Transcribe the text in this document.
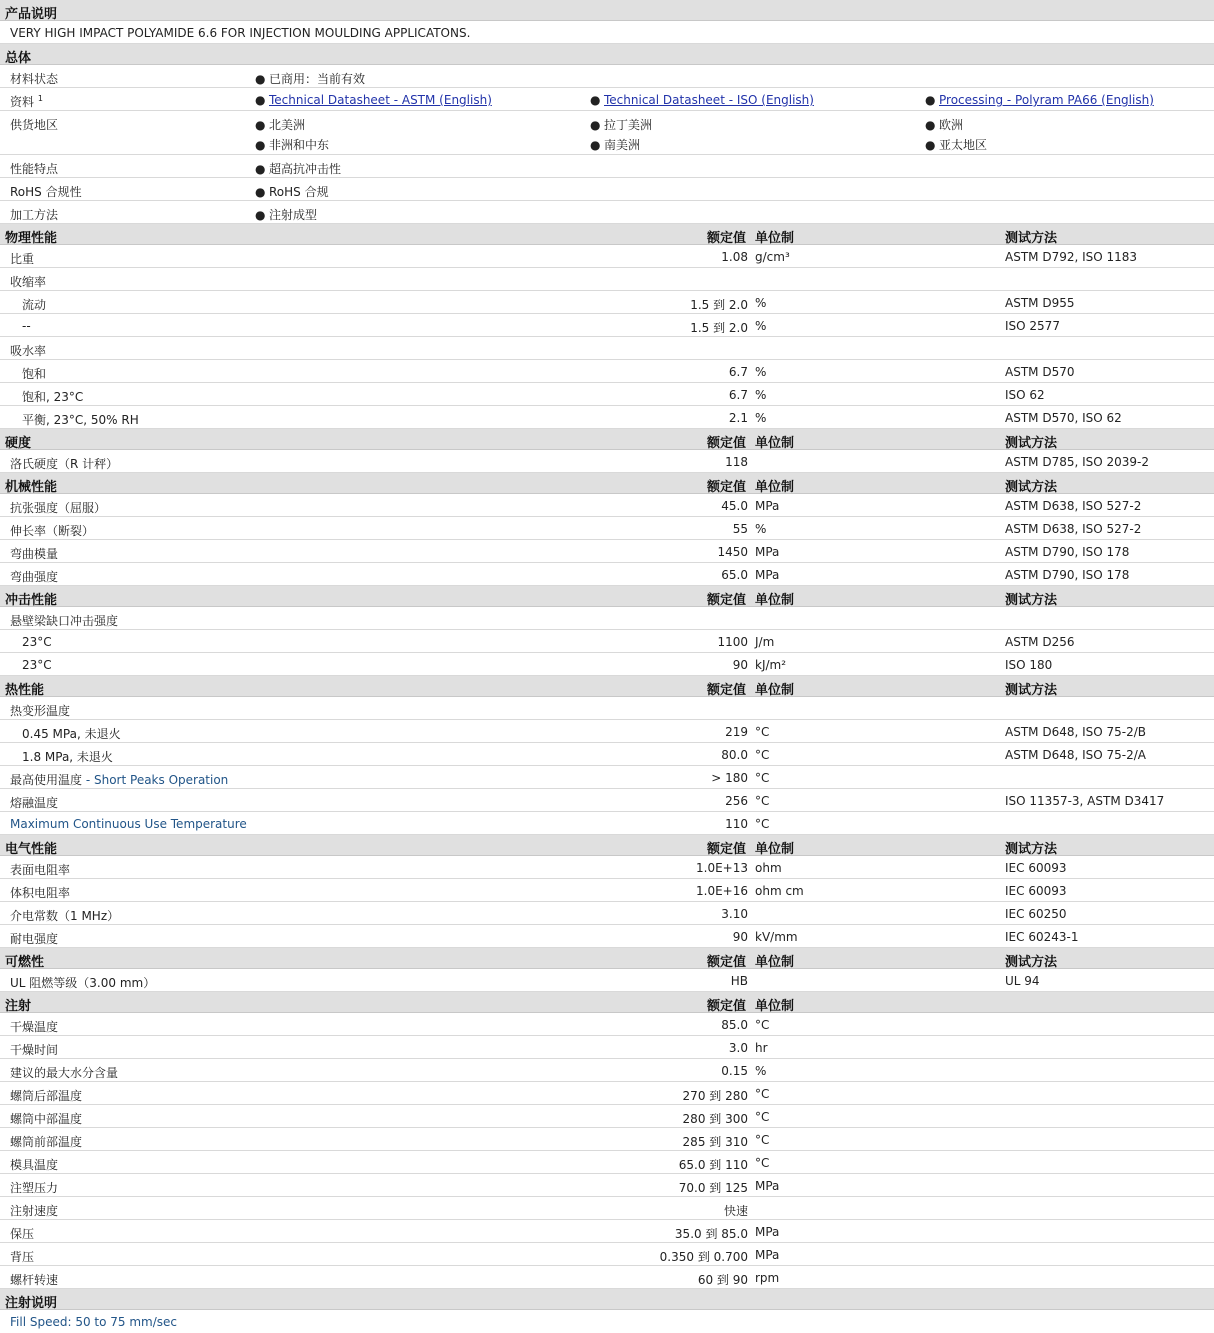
产品说明
VERY HIGH IMPACT POLYAMIDE 6.6 FOR INJECTION MOULDING APPLICATONS.
总体
材料状态	● 已商用：当前有效
资料 $^1$	● Technical Datasheet - ASTM (English)	● Technical Datasheet - ISO (English)	● Processing - Polyram PA66 (English)
供货地区	● 北美洲	● 拉丁美洲	● 欧洲
● 非洲和中东	● 南美洲	● 亚太地区
性能特点	● 超高抗冲击性
RoHS 合规性	● RoHS 合规
加工方法	● 注射成型
物理性能	额定值 单位制	测试方法
比重	1.08 g/cm³	ASTM D792, ISO 1183
收缩率
流动	1.5 到 2.0 %	ASTM D955
--	1.5 到 2.0 %	ISO 2577
吸水率
饱和	6.7 %	ASTM D570
饱和, 23°C	6.7 %	ISO 62
平衡, 23°C, 50% RH	2.1 %	ASTM D570, ISO 62
硬度	额定值 单位制	测试方法
洛氏硬度（R 计秤）	118	ASTM D785, ISO 2039-2
机械性能	额定值 单位制	测试方法
抗张强度（屈服）	45.0 MPa	ASTM D638, ISO 527-2
伸长率（断裂）	55 %	ASTM D638, ISO 527-2
弯曲模量	1450 MPa	ASTM D790, ISO 178
弯曲强度	65.0 MPa	ASTM D790, ISO 178
冲击性能	额定值 单位制	测试方法
悬壁梁缺口冲击强度
23°C	1100 J/m	ASTM D256
23°C	90 kJ/m²	ISO 180
热性能	额定值 单位制	测试方法
热变形温度
0.45 MPa, 未退火	219 °C	ASTM D648, ISO 75-2/B
1.8 MPa, 未退火	80.0 °C	ASTM D648, ISO 75-2/A
最高使用温度 - Short Peaks Operation	> 180 °C
熔融温度	256 °C	ISO 11357-3, ASTM D3417
Maximum Continuous Use Temperature	110 °C
电气性能	额定值 单位制	测试方法
表面电阻率	1.0E+13 ohm	IEC 60093
体积电阻率	1.0E+16 ohm cm	IEC 60093
介电常数（1 MHz）	3.10	IEC 60250
耐电强度	90 kV/mm	IEC 60243-1
可燃性	额定值 单位制	测试方法
UL 阻燃等级（3.00 mm）	HB	UL 94
注射	额定值 单位制
干燥温度	85.0 °C
干燥时间	3.0 hr
建议的最大水分含量	0.15 %
螺筒后部温度	270 到 280 °C
螺筒中部温度	280 到 300 °C
螺筒前部温度	285 到 310 °C
模具温度	65.0 到 110 °C
注塑压力	70.0 到 125 MPa
注射速度	快速
保压	35.0 到 85.0 MPa
背压	0.350 到 0.700 MPa
螺杆转速	60 到 90 rpm
注射说明
Fill Speed: 50 to 75 mm/sec
